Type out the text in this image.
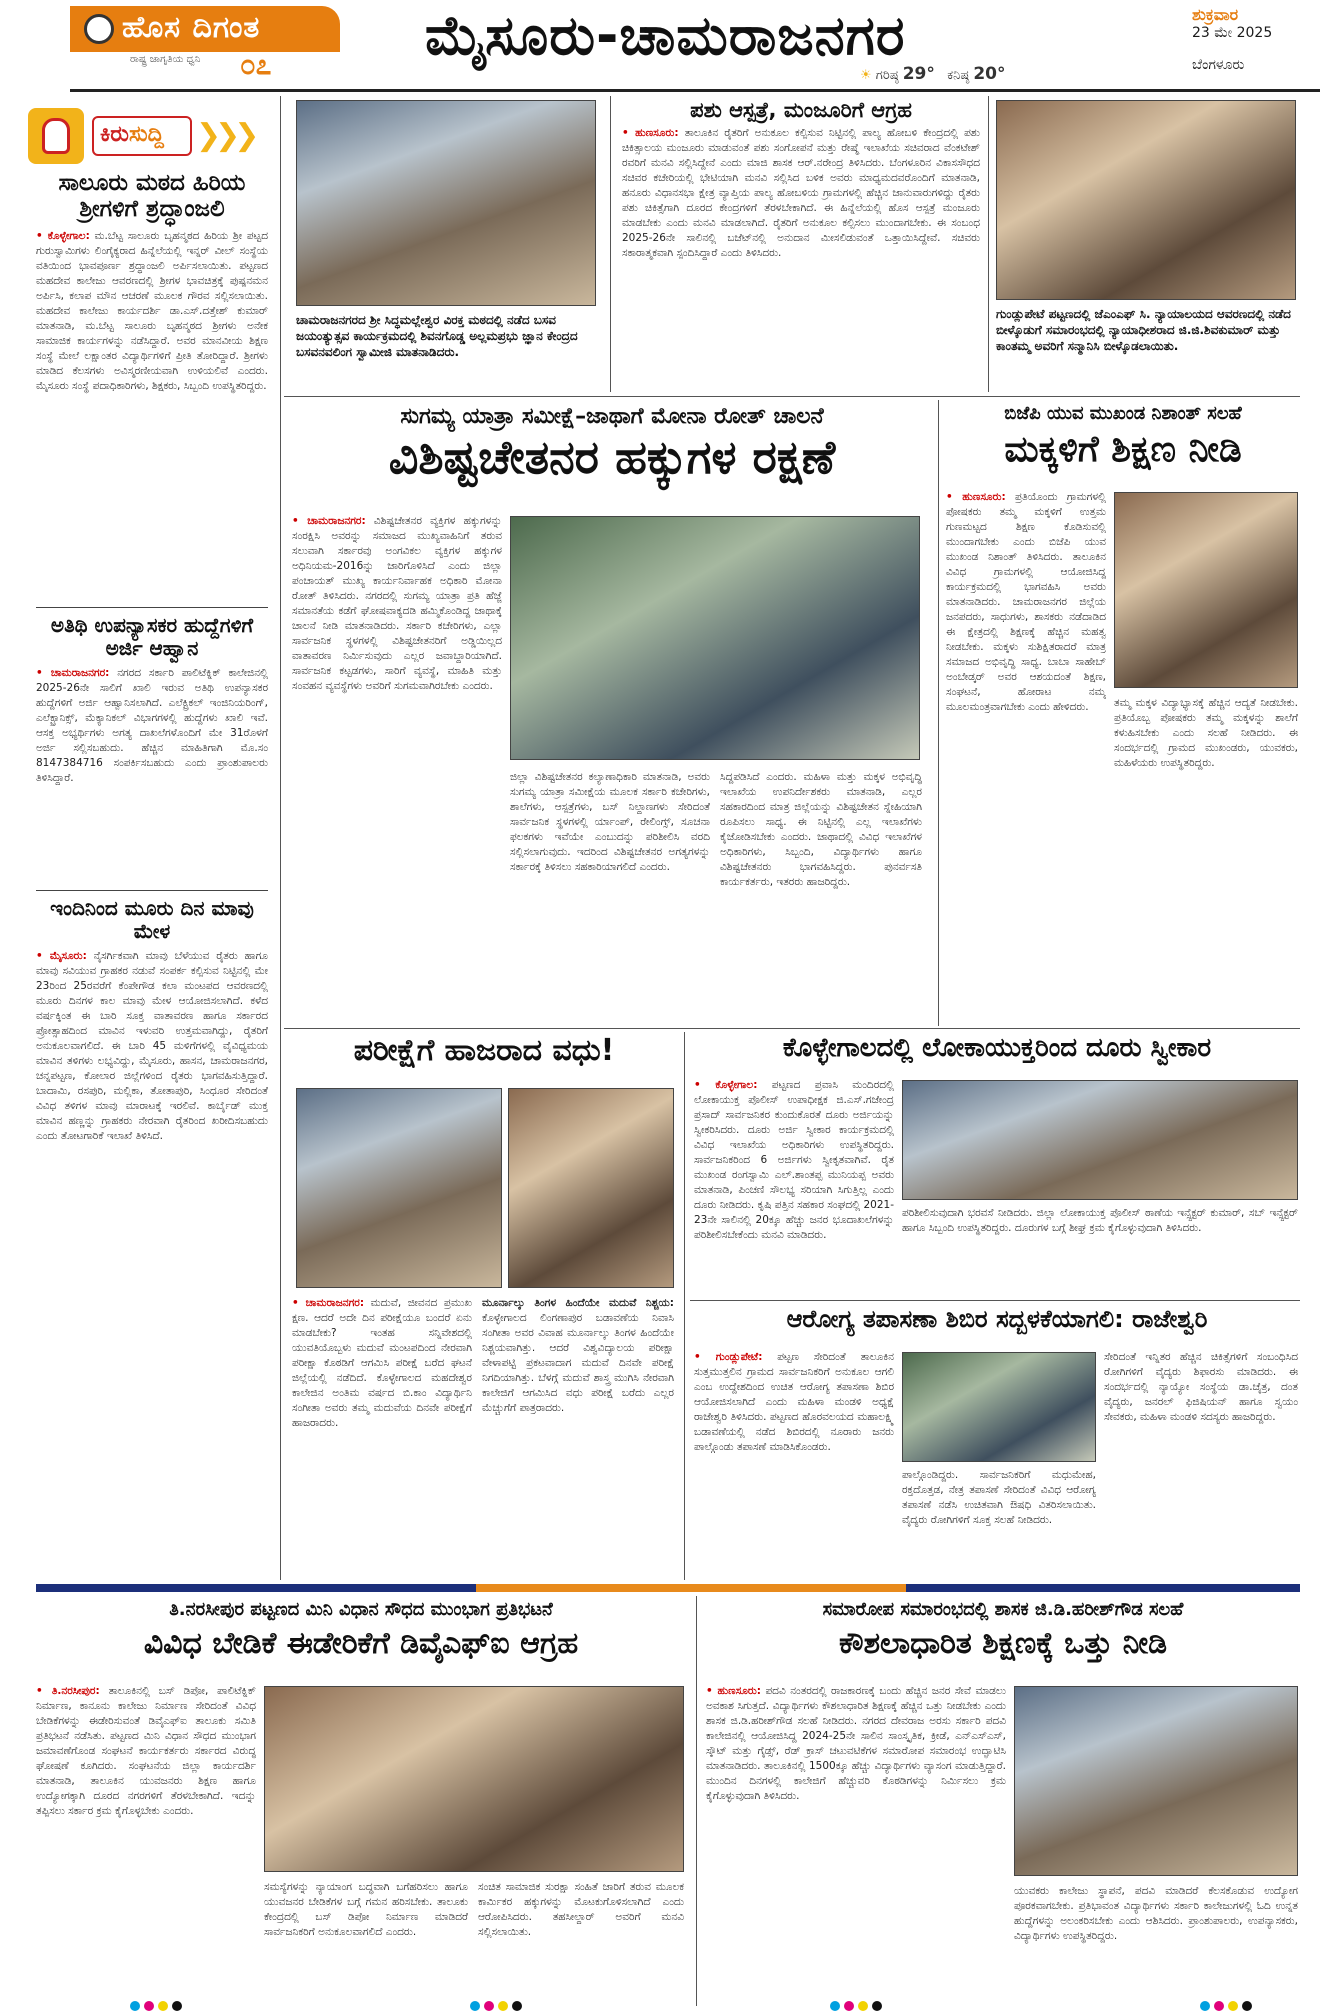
ಹೊಸ ದಿಗಂತ
ರಾಷ್ಟ್ರ ಜಾಗೃತಿಯ ಧ್ವನಿ ೦೭	ಮೈಸೂರು-ಚಾಮರಾಜನಗರ
☀ ಗರಿಷ್ಠ 29° ಕನಿಷ್ಠ 20°
ಶುಕ್ರವಾರ
23 ಮೇ 2025
ಬೆಂಗಳೂರು
ಕಿರುಸುದ್ದಿ	❯❯❯
ಸಾಲೂರು ಮಠದ ಹಿರಿಯ ಶ್ರೀಗಳಿಗೆ ಶ್ರದ್ಧಾಂಜಲಿ
• ಕೊಳ್ಳೇಗಾಲ: ಮ.ಬೆಟ್ಟ ಸಾಲೂರು ಬೃಹನ್ಮಠದ ಹಿರಿಯ ಶ್ರೀ ಪಟ್ಟದ ಗುರುಸ್ವಾಮಿಗಳು ಲಿಂಗೈಕ್ಯರಾದ ಹಿನ್ನೆಲೆಯಲ್ಲಿ ಇನ್ನರ್ ವೀಲ್ ಸಂಸ್ಥೆಯ ವತಿಯಿಂದ ಭಾವಪೂರ್ಣ ಶ್ರದ್ಧಾಂಜಲಿ ಅರ್ಪಿಸಲಾಯಿತು. ಪಟ್ಟಣದ ಮಹದೇವ ಕಾಲೇಜು ಆವರಣದಲ್ಲಿ ಶ್ರೀಗಳ ಭಾವಚಿತ್ರಕ್ಕೆ ಪುಷ್ಪನಮನ ಅರ್ಪಿಸಿ, ಕಲಾಪ ಮೌನ ಆಚರಣೆ ಮೂಲಕ ಗೌರವ ಸಲ್ಲಿಸಲಾಯಿತು. ಮಹದೇವ ಕಾಲೇಜು ಕಾರ್ಯದರ್ಶಿ ಡಾ.ಎಸ್.ದತ್ತೇಶ್ ಕುಮಾರ್ ಮಾತನಾಡಿ, ಮ.ಬೆಟ್ಟ ಸಾಲೂರು ಬೃಹನ್ಮಠದ ಶ್ರೀಗಳು ಅನೇಕ ಸಾಮಾಜಿಕ ಕಾರ್ಯಗಳನ್ನು ನಡೆಸಿದ್ದಾರೆ. ಅವರ ಮಾನವೀಯ ಶಿಕ್ಷಣ ಸಂಸ್ಥೆ ಮೇಲೆ ಲಕ್ಷಾಂತರ ವಿದ್ಯಾರ್ಥಿಗಳಿಗೆ ಪ್ರೀತಿ ತೋರಿದ್ದಾರೆ. ಶ್ರೀಗಳು ಮಾಡಿದ ಕೆಲಸಗಳು ಅವಿಸ್ಮರಣೀಯವಾಗಿ ಉಳಿಯಲಿವೆ ಎಂದರು. ಮೈಸೂರು ಸಂಸ್ಥೆ ಪದಾಧಿಕಾರಿಗಳು, ಶಿಕ್ಷಕರು, ಸಿಬ್ಬಂದಿ ಉಪಸ್ಥಿತರಿದ್ದರು.
ಅತಿಥಿ ಉಪನ್ಯಾಸಕರ ಹುದ್ದೆಗಳಿಗೆ ಅರ್ಜಿ ಆಹ್ವಾನ
• ಚಾಮರಾಜನಗರ: ನಗರದ ಸರ್ಕಾರಿ ಪಾಲಿಟೆಕ್ನಿಕ್ ಕಾಲೇಜಿನಲ್ಲಿ 2025-26ನೇ ಸಾಲಿಗೆ ಖಾಲಿ ಇರುವ ಅತಿಥಿ ಉಪನ್ಯಾಸಕರ ಹುದ್ದೆಗಳಿಗೆ ಅರ್ಜಿ ಆಹ್ವಾನಿಸಲಾಗಿದೆ. ಎಲೆಕ್ಟ್ರಿಕಲ್ ಇಂಜಿನಿಯರಿಂಗ್, ಎಲೆಕ್ಟ್ರಾನಿಕ್ಸ್, ಮೆಕ್ಯಾನಿಕಲ್ ವಿಭಾಗಗಳಲ್ಲಿ ಹುದ್ದೆಗಳು ಖಾಲಿ ಇವೆ. ಆಸಕ್ತ ಅಭ್ಯರ್ಥಿಗಳು ಅಗತ್ಯ ದಾಖಲೆಗಳೊಂದಿಗೆ ಮೇ 31ರೊಳಗೆ ಅರ್ಜಿ ಸಲ್ಲಿಸಬಹುದು. ಹೆಚ್ಚಿನ ಮಾಹಿತಿಗಾಗಿ ಮೊ.ಸಂ 8147384716 ಸಂಪರ್ಕಿಸಬಹುದು ಎಂದು ಪ್ರಾಂಶುಪಾಲರು ತಿಳಿಸಿದ್ದಾರೆ.
ಇಂದಿನಿಂದ ಮೂರು ದಿನ ಮಾವು ಮೇಳ
• ಮೈಸೂರು: ನೈಸರ್ಗಿಕವಾಗಿ ಮಾವು ಬೆಳೆಯುವ ರೈತರು ಹಾಗೂ ಮಾವು ಸವಿಯುವ ಗ್ರಾಹಕರ ನಡುವೆ ಸಂಪರ್ಕ ಕಲ್ಪಿಸುವ ನಿಟ್ಟಿನಲ್ಲಿ ಮೇ 23ರಿಂದ 25ರವರೆಗೆ ಕೆಂಪೇಗೌಡ ಕಲಾ ಮಂಟಪದ ಆವರಣದಲ್ಲಿ ಮೂರು ದಿನಗಳ ಕಾಲ ಮಾವು ಮೇಳ ಆಯೋಜಿಸಲಾಗಿದೆ. ಕಳೆದ ವರ್ಷಕ್ಕಿಂತ ಈ ಬಾರಿ ಸೂಕ್ತ ವಾತಾವರಣ ಹಾಗೂ ಸರ್ಕಾರದ ಪ್ರೋತ್ಸಾಹದಿಂದ ಮಾವಿನ ಇಳುವರಿ ಉತ್ತಮವಾಗಿದ್ದು, ರೈತರಿಗೆ ಅನುಕೂಲವಾಗಲಿದೆ. ಈ ಬಾರಿ 45 ಮಳಿಗೆಗಳಲ್ಲಿ ವೈವಿಧ್ಯಮಯ ಮಾವಿನ ತಳಿಗಳು ಲಭ್ಯವಿದ್ದು, ಮೈಸೂರು, ಹಾಸನ, ಚಾಮರಾಜನಗರ, ಚನ್ನಪಟ್ಟಣ, ಕೋಲಾರ ಜಿಲ್ಲೆಗಳಿಂದ ರೈತರು ಭಾಗವಹಿಸುತ್ತಿದ್ದಾರೆ. ಬಾದಾಮಿ, ರಸಪುರಿ, ಮಲ್ಲಿಕಾ, ತೋತಾಪುರಿ, ಸಿಂಧೂರ ಸೇರಿದಂತೆ ವಿವಿಧ ತಳಿಗಳ ಮಾವು ಮಾರಾಟಕ್ಕೆ ಇರಲಿವೆ. ಕಾರ್ಬೈಡ್ ಮುಕ್ತ ಮಾವಿನ ಹಣ್ಣನ್ನು ಗ್ರಾಹಕರು ನೇರವಾಗಿ ರೈತರಿಂದ ಖರೀದಿಸಬಹುದು ಎಂದು ತೋಟಗಾರಿಕೆ ಇಲಾಖೆ ತಿಳಿಸಿದೆ.
ಚಾಮರಾಜನಗರದ ಶ್ರೀ ಸಿದ್ಧಮಲ್ಲೇಶ್ವರ ವಿರಕ್ತ ಮಠದಲ್ಲಿ ನಡೆದ ಬಸವ ಜಯಂತ್ಯುತ್ಸವ ಕಾರ್ಯಕ್ರಮದಲ್ಲಿ ಶಿವನಗೊಡ್ಡ ಅಲ್ಲಮಪ್ರಭು ಜ್ಞಾನ ಕೇಂದ್ರದ ಬಸವನವಲಿಂಗ ಸ್ವಾಮೀಜಿ ಮಾತನಾಡಿದರು.
ಪಶು ಆಸ್ಪತ್ರೆ, ಮಂಜೂರಿಗೆ ಆಗ್ರಹ
• ಹುಣಸೂರು: ತಾಲೂಕಿನ ರೈತರಿಗೆ ಅನುಕೂಲ ಕಲ್ಪಿಸುವ ನಿಟ್ಟಿನಲ್ಲಿ ಪಾಲ್ಯ ಹೋಬಳಿ ಕೇಂದ್ರದಲ್ಲಿ ಪಶು ಚಿಕಿತ್ಸಾಲಯ ಮಂಜೂರು ಮಾಡುವಂತೆ ಪಶು ಸಂಗೋಪನೆ ಮತ್ತು ರೇಷ್ಮೆ ಇಲಾಖೆಯ ಸಚಿವರಾದ ವೆಂಕಟೇಶ್ ರವರಿಗೆ ಮನವಿ ಸಲ್ಲಿಸಿದ್ದೇನೆ ಎಂದು ಮಾಜಿ ಶಾಸಕ ಆರ್.ನರೇಂದ್ರ ತಿಳಿಸಿದರು. ಬೆಂಗಳೂರಿನ ವಿಕಾಸಸೌಧದ ಸಚಿವರ ಕಚೇರಿಯಲ್ಲಿ ಭೇಟಿಯಾಗಿ ಮನವಿ ಸಲ್ಲಿಸಿದ ಬಳಿಕ ಅವರು ಮಾಧ್ಯಮದವರೊಂದಿಗೆ ಮಾತನಾಡಿ, ಹನೂರು ವಿಧಾನಸಭಾ ಕ್ಷೇತ್ರ ವ್ಯಾಪ್ತಿಯ ಪಾಲ್ಯ ಹೋಬಳಿಯ ಗ್ರಾಮಗಳಲ್ಲಿ ಹೆಚ್ಚಿನ ಜಾನುವಾರುಗಳಿದ್ದು ರೈತರು ಪಶು ಚಿಕಿತ್ಸೆಗಾಗಿ ದೂರದ ಕೇಂದ್ರಗಳಿಗೆ ತೆರಳಬೇಕಾಗಿದೆ. ಈ ಹಿನ್ನೆಲೆಯಲ್ಲಿ ಹೊಸ ಆಸ್ಪತ್ರೆ ಮಂಜೂರು ಮಾಡಬೇಕು ಎಂದು ಮನವಿ ಮಾಡಲಾಗಿದೆ. ರೈತರಿಗೆ ಅನುಕೂಲ ಕಲ್ಪಿಸಲು ಮುಂದಾಗಬೇಕು. ಈ ಸಂಬಂಧ 2025-26ನೇ ಸಾಲಿನಲ್ಲಿ ಬಜೆಟ್‌ನಲ್ಲಿ ಅನುದಾನ ಮೀಸಲಿಡುವಂತೆ ಒತ್ತಾಯಿಸಿದ್ದೇವೆ. ಸಚಿವರು ಸಕಾರಾತ್ಮಕವಾಗಿ ಸ್ಪಂದಿಸಿದ್ದಾರೆ ಎಂದು ತಿಳಿಸಿದರು.
ಗುಂಡ್ಲುಪೇಟೆ ಪಟ್ಟಣದಲ್ಲಿ ಜೆಎಂಎಫ್ ಸಿ. ನ್ಯಾಯಾಲಯದ ಆವರಣದಲ್ಲಿ ನಡೆದ ಬೀಳ್ಕೊಡುಗೆ ಸಮಾರಂಭದಲ್ಲಿ ನ್ಯಾಯಾಧೀಶರಾದ ಜಿ.ಜಿ.ಶಿವಕುಮಾರ್ ಮತ್ತು ಕಾಂತಮ್ಮ ಅವರಿಗೆ ಸನ್ಮಾನಿಸಿ ಬೀಳ್ಕೊಡಲಾಯಿತು.
ಸುಗಮ್ಯ ಯಾತ್ರಾ ಸಮೀಕ್ಷೆ–ಜಾಥಾಗೆ ಮೋನಾ ರೋತ್ ಚಾಲನೆ
ವಿಶಿಷ್ಟಚೇತನರ ಹಕ್ಕುಗಳ ರಕ್ಷಣೆ
• ಚಾಮರಾಜನಗರ: ವಿಶಿಷ್ಟಚೇತನರ ವ್ಯಕ್ತಿಗಳ ಹಕ್ಕುಗಳನ್ನು ಸಂರಕ್ಷಿಸಿ ಅವರನ್ನು ಸಮಾಜದ ಮುಖ್ಯವಾಹಿನಿಗೆ ತರುವ ಸಲುವಾಗಿ ಸರ್ಕಾರವು ಅಂಗವಿಕಲ ವ್ಯಕ್ತಿಗಳ ಹಕ್ಕುಗಳ ಅಧಿನಿಯಮ-2016ನ್ನು ಜಾರಿಗೊಳಿಸಿದೆ ಎಂದು ಜಿಲ್ಲಾ ಪಂಚಾಯತ್ ಮುಖ್ಯ ಕಾರ್ಯನಿರ್ವಾಹಕ ಅಧಿಕಾರಿ ಮೋನಾ ರೋತ್ ತಿಳಿಸಿದರು. ನಗರದಲ್ಲಿ ಸುಗಮ್ಯ ಯಾತ್ರಾ ಪ್ರತಿ ಹೆಜ್ಜೆ ಸಮಾನತೆಯ ಕಡೆಗೆ ಘೋಷವಾಕ್ಯದಡಿ ಹಮ್ಮಿಕೊಂಡಿದ್ದ ಜಾಥಾಕ್ಕೆ ಚಾಲನೆ ನೀಡಿ ಮಾತನಾಡಿದರು. ಸರ್ಕಾರಿ ಕಚೇರಿಗಳು, ಎಲ್ಲಾ ಸಾರ್ವಜನಿಕ ಸ್ಥಳಗಳಲ್ಲಿ ವಿಶಿಷ್ಟಚೇತನರಿಗೆ ಅಡ್ಡಿಯಿಲ್ಲದ ವಾತಾವರಣ ನಿರ್ಮಿಸುವುದು ಎಲ್ಲರ ಜವಾಬ್ದಾರಿಯಾಗಿದೆ. ಸಾರ್ವಜನಿಕ ಕಟ್ಟಡಗಳು, ಸಾರಿಗೆ ವ್ಯವಸ್ಥೆ, ಮಾಹಿತಿ ಮತ್ತು ಸಂವಹನ ವ್ಯವಸ್ಥೆಗಳು ಅವರಿಗೆ ಸುಗಮವಾಗಿರಬೇಕು ಎಂದರು.
ಜಿಲ್ಲಾ ವಿಶಿಷ್ಟಚೇತನರ ಕಲ್ಯಾಣಾಧಿಕಾರಿ ಮಾತನಾಡಿ, ಅವರು ಸುಗಮ್ಯ ಯಾತ್ರಾ ಸಮೀಕ್ಷೆಯ ಮೂಲಕ ಸರ್ಕಾರಿ ಕಚೇರಿಗಳು, ಶಾಲೆಗಳು, ಆಸ್ಪತ್ರೆಗಳು, ಬಸ್ ನಿಲ್ದಾಣಗಳು ಸೇರಿದಂತೆ ಸಾರ್ವಜನಿಕ ಸ್ಥಳಗಳಲ್ಲಿ ರ್ಯಾಂಪ್, ರೇಲಿಂಗ್ಸ್, ಸೂಚನಾ ಫಲಕಗಳು ಇವೆಯೇ ಎಂಬುದನ್ನು ಪರಿಶೀಲಿಸಿ ವರದಿ ಸಲ್ಲಿಸಲಾಗುವುದು. ಇದರಿಂದ ವಿಶಿಷ್ಟಚೇತನರ ಅಗತ್ಯಗಳನ್ನು ಸರ್ಕಾರಕ್ಕೆ ತಿಳಿಸಲು ಸಹಕಾರಿಯಾಗಲಿದೆ ಎಂದರು.
ಸಿದ್ದಪಡಿಸಿದೆ ಎಂದರು. ಮಹಿಳಾ ಮತ್ತು ಮಕ್ಕಳ ಅಭಿವೃದ್ಧಿ ಇಲಾಖೆಯ ಉಪನಿರ್ದೇಶಕರು ಮಾತನಾಡಿ, ಎಲ್ಲರ ಸಹಕಾರದಿಂದ ಮಾತ್ರ ಜಿಲ್ಲೆಯನ್ನು ವಿಶಿಷ್ಟಚೇತನ ಸ್ನೇಹಿಯಾಗಿ ರೂಪಿಸಲು ಸಾಧ್ಯ. ಈ ನಿಟ್ಟಿನಲ್ಲಿ ಎಲ್ಲ ಇಲಾಖೆಗಳು ಕೈಜೋಡಿಸಬೇಕು ಎಂದರು. ಜಾಥಾದಲ್ಲಿ ವಿವಿಧ ಇಲಾಖೆಗಳ ಅಧಿಕಾರಿಗಳು, ಸಿಬ್ಬಂದಿ, ವಿದ್ಯಾರ್ಥಿಗಳು ಹಾಗೂ ವಿಶಿಷ್ಟಚೇತನರು ಭಾಗವಹಿಸಿದ್ದರು. ಪುನರ್ವಸತಿ ಕಾರ್ಯಕರ್ತರು, ಇತರರು ಹಾಜರಿದ್ದರು.
ಬಿಜೆಪಿ ಯುವ ಮುಖಂಡ ನಿಶಾಂತ್ ಸಲಹೆ
ಮಕ್ಕಳಿಗೆ ಶಿಕ್ಷಣ ನೀಡಿ
• ಹುಣಸೂರು: ಪ್ರತಿಯೊಂದು ಗ್ರಾಮಗಳಲ್ಲಿ ಪೋಷಕರು ತಮ್ಮ ಮಕ್ಕಳಿಗೆ ಉತ್ತಮ ಗುಣಮಟ್ಟದ ಶಿಕ್ಷಣ ಕೊಡಿಸುವಲ್ಲಿ ಮುಂದಾಗಬೇಕು ಎಂದು ಬಿಜೆಪಿ ಯುವ ಮುಖಂಡ ನಿಶಾಂತ್ ತಿಳಿಸಿದರು. ತಾಲೂಕಿನ ವಿವಿಧ ಗ್ರಾಮಗಳಲ್ಲಿ ಆಯೋಜಿಸಿದ್ದ ಕಾರ್ಯಕ್ರಮದಲ್ಲಿ ಭಾಗವಹಿಸಿ ಅವರು ಮಾತನಾಡಿದರು. ಚಾಮರಾಜನಗರ ಜಿಲ್ಲೆಯ ಜನಪದರು, ಸಾಧುಗಳು, ಶಾಸಕರು ನಡೆದಾಡಿದ ಈ ಕ್ಷೇತ್ರದಲ್ಲಿ ಶಿಕ್ಷಣಕ್ಕೆ ಹೆಚ್ಚಿನ ಮಹತ್ವ ನೀಡಬೇಕು. ಮಕ್ಕಳು ಸುಶಿಕ್ಷಿತರಾದರೆ ಮಾತ್ರ ಸಮಾಜದ ಅಭಿವೃದ್ಧಿ ಸಾಧ್ಯ. ಬಾಬಾ ಸಾಹೇಬ್ ಅಂಬೇಡ್ಕರ್ ಅವರ ಆಶಯದಂತೆ ಶಿಕ್ಷಣ, ಸಂಘಟನೆ, ಹೋರಾಟ ನಮ್ಮ ಮೂಲಮಂತ್ರವಾಗಬೇಕು ಎಂದು ಹೇಳಿದರು.	ತಮ್ಮ ಮಕ್ಕಳ ವಿದ್ಯಾಭ್ಯಾಸಕ್ಕೆ ಹೆಚ್ಚಿನ ಆದ್ಯತೆ ನೀಡಬೇಕು. ಪ್ರತಿಯೊಬ್ಬ ಪೋಷಕರು ತಮ್ಮ ಮಕ್ಕಳನ್ನು ಶಾಲೆಗೆ ಕಳುಹಿಸಬೇಕು ಎಂದು ಸಲಹೆ ನೀಡಿದರು. ಈ ಸಂದರ್ಭದಲ್ಲಿ ಗ್ರಾಮದ ಮುಖಂಡರು, ಯುವಕರು, ಮಹಿಳೆಯರು ಉಪಸ್ಥಿತರಿದ್ದರು.
ಪರೀಕ್ಷೆಗೆ ಹಾಜರಾದ ವಧು!
• ಚಾಮರಾಜನಗರ: ಮದುವೆ, ಜೀವನದ ಪ್ರಮುಖ ಕ್ಷಣ. ಆದರೆ ಅದೇ ದಿನ ಪರೀಕ್ಷೆಯೂ ಬಂದರೆ ಏನು ಮಾಡಬೇಕು? ಇಂತಹ ಸನ್ನಿವೇಶದಲ್ಲಿ ಯುವತಿಯೊಬ್ಬಳು ಮದುವೆ ಮಂಟಪದಿಂದ ನೇರವಾಗಿ ಪರೀಕ್ಷಾ ಕೊಠಡಿಗೆ ಆಗಮಿಸಿ ಪರೀಕ್ಷೆ ಬರೆದ ಘಟನೆ ಜಿಲ್ಲೆಯಲ್ಲಿ ನಡೆದಿದೆ. ಕೊಳ್ಳೇಗಾಲದ ಮಹದೇಶ್ವರ ಕಾಲೇಜಿನ ಅಂತಿಮ ವರ್ಷದ ಬಿ.ಕಾಂ ವಿದ್ಯಾರ್ಥಿನಿ ಸಂಗೀತಾ ಅವರು ತಮ್ಮ ಮದುವೆಯ ದಿನವೇ ಪರೀಕ್ಷೆಗೆ ಹಾಜರಾದರು.
ಮೂರ್ನಾಲ್ಕು ತಿಂಗಳ ಹಿಂದೆಯೇ ಮದುವೆ ನಿಶ್ಚಯ: ಕೊಳ್ಳೇಗಾಲದ ಲಿಂಗಣಾಪುರ ಬಡಾವಣೆಯ ನಿವಾಸಿ ಸಂಗೀತಾ ಅವರ ವಿವಾಹ ಮೂರ್ನಾಲ್ಕು ತಿಂಗಳ ಹಿಂದೆಯೇ ನಿಶ್ಚಯವಾಗಿತ್ತು. ಆದರೆ ವಿಶ್ವವಿದ್ಯಾಲಯ ಪರೀಕ್ಷಾ ವೇಳಾಪಟ್ಟಿ ಪ್ರಕಟವಾದಾಗ ಮದುವೆ ದಿನವೇ ಪರೀಕ್ಷೆ ನಿಗದಿಯಾಗಿತ್ತು. ಬೆಳಗ್ಗೆ ಮದುವೆ ಶಾಸ್ತ್ರ ಮುಗಿಸಿ ನೇರವಾಗಿ ಕಾಲೇಜಿಗೆ ಆಗಮಿಸಿದ ವಧು ಪರೀಕ್ಷೆ ಬರೆದು ಎಲ್ಲರ ಮೆಚ್ಚುಗೆಗೆ ಪಾತ್ರರಾದರು.
ಕೊಳ್ಳೇಗಾಲದಲ್ಲಿ ಲೋಕಾಯುಕ್ತರಿಂದ ದೂರು ಸ್ವೀಕಾರ
• ಕೊಳ್ಳೇಗಾಲ: ಪಟ್ಟಣದ ಪ್ರವಾಸಿ ಮಂದಿರದಲ್ಲಿ ಲೋಕಾಯುಕ್ತ ಪೊಲೀಸ್ ಉಪಾಧೀಕ್ಷಕ ಜಿ.ಎಸ್.ಗಜೇಂದ್ರ ಪ್ರಸಾದ್ ಸಾರ್ವಜನಿಕರ ಕುಂದುಕೊರತೆ ದೂರು ಅರ್ಜಿಯನ್ನು ಸ್ವೀಕರಿಸಿದರು. ದೂರು ಅರ್ಜಿ ಸ್ವೀಕಾರ ಕಾರ್ಯಕ್ರಮದಲ್ಲಿ ವಿವಿಧ ಇಲಾಖೆಯ ಅಧಿಕಾರಿಗಳು ಉಪಸ್ಥಿತರಿದ್ದರು. ಸಾರ್ವಜನಿಕರಿಂದ 6 ಅರ್ಜಿಗಳು ಸ್ವೀಕೃತವಾಗಿವೆ. ರೈತ ಮುಖಂಡ ರಂಗಸ್ವಾಮಿ ಎಲ್.ಶಾಂತಪ್ಪ ಮುನಿಯಪ್ಪ ಅವರು ಮಾತನಾಡಿ, ಪಿಂಚಣಿ ಸೌಲಭ್ಯ ಸರಿಯಾಗಿ ಸಿಗುತ್ತಿಲ್ಲ ಎಂದು ದೂರು ನೀಡಿದರು. ಕೃಷಿ ಪತ್ತಿನ ಸಹಕಾರ ಸಂಘದಲ್ಲಿ 2021-23ನೇ ಸಾಲಿನಲ್ಲಿ 20ಕ್ಕೂ ಹೆಚ್ಚು ಜನರ ಭೂದಾಖಲೆಗಳನ್ನು ಪರಿಶೀಲಿಸಬೇಕೆಂದು ಮನವಿ ಮಾಡಿದರು.
ಪರಿಶೀಲಿಸುವುದಾಗಿ ಭರವಸೆ ನೀಡಿದರು. ಜಿಲ್ಲಾ ಲೋಕಾಯುಕ್ತ ಪೊಲೀಸ್ ಠಾಣೆಯ ಇನ್ಸ್ಪೆಕ್ಟರ್ ಕುಮಾರ್, ಸಬ್ ಇನ್ಸ್ಪೆಕ್ಟರ್ ಹಾಗೂ ಸಿಬ್ಬಂದಿ ಉಪಸ್ಥಿತರಿದ್ದರು. ದೂರುಗಳ ಬಗ್ಗೆ ಶೀಘ್ರ ಕ್ರಮ ಕೈಗೊಳ್ಳುವುದಾಗಿ ತಿಳಿಸಿದರು.
ಆರೋಗ್ಯ ತಪಾಸಣಾ ಶಿಬಿರ ಸದ್ಬಳಕೆಯಾಗಲಿ: ರಾಜೇಶ್ವರಿ
• ಗುಂಡ್ಲುಪೇಟೆ: ಪಟ್ಟಣ ಸೇರಿದಂತೆ ತಾಲೂಕಿನ ಸುತ್ತಮುತ್ತಲಿನ ಗ್ರಾಮದ ಸಾರ್ವಜನಿಕರಿಗೆ ಅನುಕೂಲ ಆಗಲಿ ಎಂಬ ಉದ್ದೇಶದಿಂದ ಉಚಿತ ಆರೋಗ್ಯ ತಪಾಸಣಾ ಶಿಬಿರ ಆಯೋಜಿಸಲಾಗಿದೆ ಎಂದು ಮಹಿಳಾ ಮಂಡಳಿ ಅಧ್ಯಕ್ಷೆ ರಾಜೇಶ್ವರಿ ತಿಳಿಸಿದರು. ಪಟ್ಟಣದ ಹೊರವಲಯದ ಮಹಾಲಕ್ಷ್ಮಿ ಬಡಾವಣೆಯಲ್ಲಿ ನಡೆದ ಶಿಬಿರದಲ್ಲಿ ನೂರಾರು ಜನರು ಪಾಲ್ಗೊಂಡು ತಪಾಸಣೆ ಮಾಡಿಸಿಕೊಂಡರು.
ಪಾಲ್ಗೊಂಡಿದ್ದರು. ಸಾರ್ವಜನಿಕರಿಗೆ ಮಧುಮೇಹ, ರಕ್ತದೊತ್ತಡ, ನೇತ್ರ ತಪಾಸಣೆ ಸೇರಿದಂತೆ ವಿವಿಧ ಆರೋಗ್ಯ ತಪಾಸಣೆ ನಡೆಸಿ ಉಚಿತವಾಗಿ ಔಷಧಿ ವಿತರಿಸಲಾಯಿತು. ವೈದ್ಯರು ರೋಗಿಗಳಿಗೆ ಸೂಕ್ತ ಸಲಹೆ ನೀಡಿದರು.
ಸೇರಿದಂತೆ ಇನ್ನಿತರ ಹೆಚ್ಚಿನ ಚಿಕಿತ್ಸೆಗಳಿಗೆ ಸಂಬಂಧಿಸಿದ ರೋಗಿಗಳಿಗೆ ವೈದ್ಯರು ಶಿಫಾರಸು ಮಾಡಿದರು. ಈ ಸಂದರ್ಭದಲ್ಲಿ ನ್ಯಾಯ್ಯೋ ಸಂಸ್ಥೆಯ ಡಾ.ಚೈತ್ರ, ದಂತ ವೈದ್ಯರು, ಜನರಲ್ ಫಿಜಿಷಿಯನ್ ಹಾಗೂ ಸ್ವಯಂ ಸೇವಕರು, ಮಹಿಳಾ ಮಂಡಳಿ ಸದಸ್ಯರು ಹಾಜರಿದ್ದರು.
ತಿ.ನರಸೀಪುರ ಪಟ್ಟಣದ ಮಿನಿ ವಿಧಾನ ಸೌಧದ ಮುಂಭಾಗ ಪ್ರತಿಭಟನೆ
ವಿವಿಧ ಬೇಡಿಕೆ ಈಡೇರಿಕೆಗೆ ಡಿವೈಎಫ್ಐ ಆಗ್ರಹ
• ತಿ.ನರಸೀಪುರ: ತಾಲೂಕಿನಲ್ಲಿ ಬಸ್ ಡಿಪೋ, ಪಾಲಿಟೆಕ್ನಿಕ್ ನಿರ್ಮಾಣ, ಕಾನೂನು ಕಾಲೇಜು ನಿರ್ಮಾಣ ಸೇರಿದಂತೆ ವಿವಿಧ ಬೇಡಿಕೆಗಳನ್ನು ಈಡೇರಿಸುವಂತೆ ಡಿವೈಎಫ್ಐ ತಾಲೂಕು ಸಮಿತಿ ಪ್ರತಿಭಟನೆ ನಡೆಸಿತು. ಪಟ್ಟಣದ ಮಿನಿ ವಿಧಾನ ಸೌಧದ ಮುಂಭಾಗ ಜಮಾವಣೆಗೊಂಡ ಸಂಘಟನೆ ಕಾರ್ಯಕರ್ತರು ಸರ್ಕಾರದ ವಿರುದ್ಧ ಘೋಷಣೆ ಕೂಗಿದರು. ಸಂಘಟನೆಯ ಜಿಲ್ಲಾ ಕಾರ್ಯದರ್ಶಿ ಮಾತನಾಡಿ, ತಾಲೂಕಿನ ಯುವಜನರು ಶಿಕ್ಷಣ ಹಾಗೂ ಉದ್ಯೋಗಕ್ಕಾಗಿ ದೂರದ ನಗರಗಳಿಗೆ ತೆರಳಬೇಕಾಗಿದೆ. ಇದನ್ನು ತಪ್ಪಿಸಲು ಸರ್ಕಾರ ಕ್ರಮ ಕೈಗೊಳ್ಳಬೇಕು ಎಂದರು.
ಸಮಸ್ಯೆಗಳನ್ನು ನ್ಯಾಯಾಂಗ ಬದ್ಧವಾಗಿ ಬಗೆಹರಿಸಲು ಹಾಗೂ ಯುವಜನರ ಬೇಡಿಕೆಗಳ ಬಗ್ಗೆ ಗಮನ ಹರಿಸಬೇಕು. ತಾಲೂಕು ಕೇಂದ್ರದಲ್ಲಿ ಬಸ್ ಡಿಪೋ ನಿರ್ಮಾಣ ಮಾಡಿದರೆ ಸಾರ್ವಜನಿಕರಿಗೆ ಅನುಕೂಲವಾಗಲಿದೆ ಎಂದರು.
ಸಂಚಿತ ಸಾಮಾಜಿಕ ಸುರಕ್ಷಾ ಸಂಹಿತೆ ಜಾರಿಗೆ ತರುವ ಮೂಲಕ ಕಾರ್ಮಿಕರ ಹಕ್ಕುಗಳನ್ನು ಮೊಟಕುಗೊಳಿಸಲಾಗಿದೆ ಎಂದು ಆರೋಪಿಸಿದರು. ತಹಸೀಲ್ದಾರ್ ಅವರಿಗೆ ಮನವಿ ಸಲ್ಲಿಸಲಾಯಿತು.
ಸಮಾರೋಪ ಸಮಾರಂಭದಲ್ಲಿ ಶಾಸಕ ಜಿ.ಡಿ.ಹರೀಶ್‌ಗೌಡ ಸಲಹೆ
ಕೌಶಲಾಧಾರಿತ ಶಿಕ್ಷಣಕ್ಕೆ ಒತ್ತು ನೀಡಿ
• ಹುಣಸೂರು: ಪದವಿ ನಂತರದಲ್ಲಿ ರಾಜಕಾರಣಕ್ಕೆ ಬಂದು ಹೆಚ್ಚಿನ ಜನರ ಸೇವೆ ಮಾಡಲು ಅವಕಾಶ ಸಿಗುತ್ತದೆ. ವಿದ್ಯಾರ್ಥಿಗಳು ಕೌಶಲಾಧಾರಿತ ಶಿಕ್ಷಣಕ್ಕೆ ಹೆಚ್ಚಿನ ಒತ್ತು ನೀಡಬೇಕು ಎಂದು ಶಾಸಕ ಜಿ.ಡಿ.ಹರೀಶ್‌ಗೌಡ ಸಲಹೆ ನೀಡಿದರು. ನಗರದ ದೇವರಾಜ ಅರಸು ಸರ್ಕಾರಿ ಪದವಿ ಕಾಲೇಜಿನಲ್ಲಿ ಆಯೋಜಿಸಿದ್ದ 2024-25ನೇ ಸಾಲಿನ ಸಾಂಸ್ಕೃತಿಕ, ಕ್ರೀಡೆ, ಎನ್‌ಎಸ್‌ಎಸ್, ಸ್ಕೌಟ್ ಮತ್ತು ಗೈಡ್ಸ್, ರೆಡ್ ಕ್ರಾಸ್ ಚಟುವಟಿಕೆಗಳ ಸಮಾರೋಪ ಸಮಾರಂಭ ಉದ್ಘಾಟಿಸಿ ಮಾತನಾಡಿದರು. ತಾಲೂಕಿನಲ್ಲಿ 1500ಕ್ಕೂ ಹೆಚ್ಚು ವಿದ್ಯಾರ್ಥಿಗಳು ವ್ಯಾಸಂಗ ಮಾಡುತ್ತಿದ್ದಾರೆ. ಮುಂದಿನ ದಿನಗಳಲ್ಲಿ ಕಾಲೇಜಿಗೆ ಹೆಚ್ಚುವರಿ ಕೊಠಡಿಗಳನ್ನು ನಿರ್ಮಿಸಲು ಕ್ರಮ ಕೈಗೊಳ್ಳುವುದಾಗಿ ತಿಳಿಸಿದರು.
ಯುವಕರು ಕಾಲೇಜು ಸ್ಥಾಪನೆ, ಪದವಿ ಮಾಡಿದರೆ ಕೆಲಸಕೊಡುವ ಉದ್ಯೋಗ ಪೂರಕವಾಗಬೇಕು. ಪ್ರತಿಭಾವಂತ ವಿದ್ಯಾರ್ಥಿಗಳು ಸರ್ಕಾರಿ ಕಾಲೇಜುಗಳಲ್ಲಿ ಓದಿ ಉನ್ನತ ಹುದ್ದೆಗಳನ್ನು ಅಲಂಕರಿಸಬೇಕು ಎಂದು ಆಶಿಸಿದರು. ಪ್ರಾಂಶುಪಾಲರು, ಉಪನ್ಯಾಸಕರು, ವಿದ್ಯಾರ್ಥಿಗಳು ಉಪಸ್ಥಿತರಿದ್ದರು.
